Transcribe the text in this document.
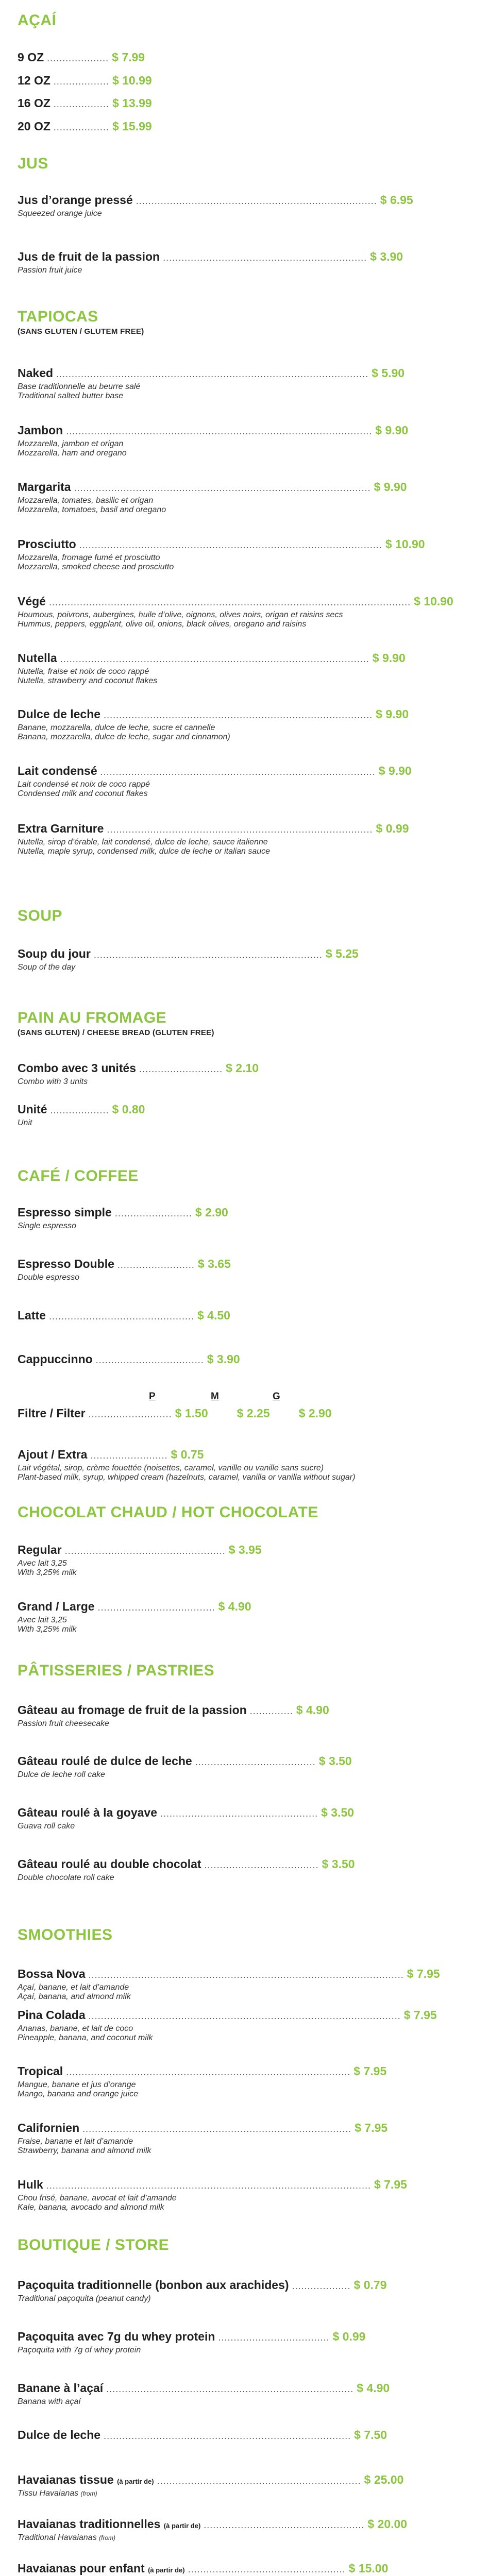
AÇAÍ
9 OZ .................... $ 7.99
12 OZ .................. $ 10.99
16 OZ .................. $ 13.99
20 OZ .................. $ 15.99
JUS
Jus d’orange pressé .............................................................................. $ 6.95
Squeezed orange juice
Jus de fruit de la passion .................................................................. $ 3.90
Passion fruit juice
TAPIOCAS
(SANS GLUTEN / GLUTEM FREE)
Naked ..................................................................................................... $ 5.90
Base traditionnelle au beurre salé
Traditional salted butter base
Jambon ................................................................................................... $ 9.90
Mozzarella, jambon et origan
Mozzarella, ham and oregano
Margarita ................................................................................................ $ 9.90
Mozzarella, tomates, basilic et origan
Mozzarella, tomatoes, basil and oregano
Prosciutto .................................................................................................. $ 10.90
Mozzarella, fromage fumé et prosciutto
Mozzarella, smoked cheese and prosciutto
Végé ..................................................................................................................... $ 10.90
Houmous, poivrons, aubergines, huile d’olive, oignons, olives noirs, origan et raisins secs
Hummus, peppers, eggplant, olive oil, onions, black olives, oregano and raisins
Nutella .................................................................................................... $ 9.90
Nutella, fraise et noix de coco rappé
Nutella, strawberry and coconut flakes
Dulce de leche ....................................................................................... $ 9.90
Banane, mozzarella, dulce de leche, sucre et cannelle
Banana, mozzarella, dulce de leche, sugar and cinnamon)
Lait condensé ......................................................................................... $ 9.90
Lait condensé et noix de coco rappé
Condensed milk and coconut flakes
Extra Garniture ...................................................................................... $ 0.99
Nutella, sirop d’érable, lait condensé, dulce de leche, sauce italienne
Nutella, maple syrup, condensed milk, dulce de leche or italian sauce
SOUP
Soup du jour .......................................................................... $ 5.25
Soup of the day
PAIN AU FROMAGE
(SANS GLUTEN) / CHEESE BREAD (GLUTEN FREE)
Combo avec 3 unités ........................... $ 2.10
Combo with 3 units
Unité ................... $ 0.80
Unit
CAFÉ / COFFEE
Espresso simple ......................... $ 2.90
Single espresso
Espresso Double ......................... $ 3.65
Double espresso
Latte ............................................... $ 4.50
Cappuccinno ................................... $ 3.90
P	M	G
Filtre / Filter ........................... $ 1.50	$ 2.25	$ 2.90
Ajout / Extra ......................... $ 0.75
Lait végétal, sirop, crème fouettée (noisettes, caramel, vanille ou vanille sans sucre)
Plant-based milk, syrup, whipped cream (hazelnuts, caramel, vanilla or vanilla without sugar)
CHOCOLAT CHAUD / HOT CHOCOLATE
Regular .................................................... $ 3.95
Avec lait 3,25
With 3,25% milk
Grand / Large ...................................... $ 4.90
Avec lait 3,25
With 3,25% milk
PÂTISSERIES / PASTRIES
Gâteau au fromage de fruit de la passion .............. $ 4.90
Passion fruit cheesecake
Gâteau roulé de dulce de leche ....................................... $ 3.50
Dulce de leche roll cake
Gâteau roulé à la goyave ................................................... $ 3.50
Guava roll cake
Gâteau roulé au double chocolat ..................................... $ 3.50
Double chocolate roll cake
SMOOTHIES
Bossa Nova ...................................................................................................... $ 7.95
Açaí, banane, et lait d’amande
Açaí, banana, and almond milk
Pina Colada ..................................................................................................... $ 7.95
Ananas, banane, et lait de coco
Pineapple, banana, and coconut milk
Tropical ............................................................................................ $ 7.95
Mangue, banane et jus d’orange
Mango, banana and orange juice
Californien ....................................................................................... $ 7.95
Fraise, banane et lait d’amande
Strawberry, banana and almond milk
Hulk ......................................................................................................... $ 7.95
Chou frisé, banane, avocat et lait d’amande
Kale, banana, avocado and almond milk
BOUTIQUE / STORE
Paçoquita traditionnelle (bonbon aux arachides) ................... $ 0.79
Traditional paçoquita (peanut candy)
Paçoquita avec 7g du whey protein .................................... $ 0.99
Paçoquita with 7g of whey protein
Banane à l’açaí ................................................................................ $ 4.90
Banana with açaí
Dulce de leche ................................................................................ $ 7.50
Havaianas tissue (à partir de) .................................................................. $ 25.00
Tissu Havaianas (from)
Havaianas traditionnelles (à partir de) .................................................... $ 20.00
Traditional Havaianas (from)
Havaianas pour enfant (à partir de) ................................................... $ 15.00
